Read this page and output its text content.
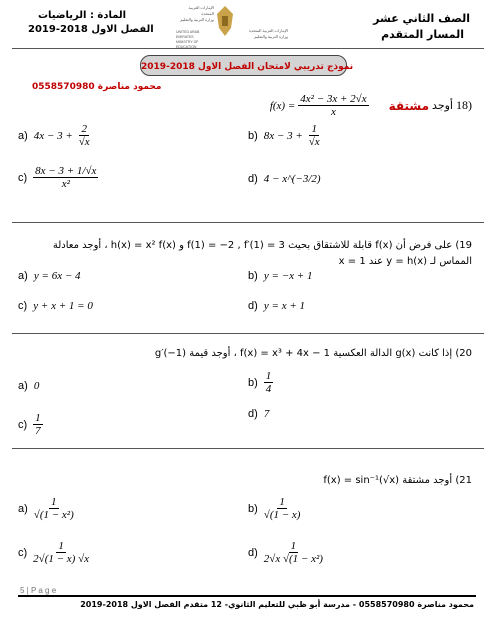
المادة : الرياضيات
الفصل الاول 2018-2019
الإمارات العربية المتحدة
وزارة التربية والتعليم
UNITED ARAB EMIRATES
MINISTRY OF EDUCATION
الإمارات العربية المتحدة
وزارة التربية والتعليم
الصف الثاني عشر
المسار المتقدم
نموذج تدريبي لامتحان الفصل الاول 2018-2019
محمود مناصرة 0558570980
$f(x) = \frac{\text{4x² − 3x + 2√x}}{x}$ مشتقة أوجد 18)
a) $4x - 3 + \frac{2}{√x}$	b) $8x - 3 + \frac{1}{√x}$
$c) \frac{8x - 3 + 1/√x}{\text{x²}}$	d) 4 − x^(−3/2)
19) على فرض أن f(x) قابلة للاشتقاق بحيث f(1) = −2 , f′(1) = 3 و h(x) = x² f(x) ، أوجد معادلة
المماس لـ y = h(x) عند x = 1
a) y = 6x − 4	b) y = −x + 1
c) y + x + 1 = 0	d) y = x + 1
20) إذا كانت g(x) الدالة العكسية f(x) = x³ + 4x − 1 ، أوجد قيمة g′(−1)
a) 0	$b) \frac{1}{4}$
$c) \frac{1}{7}$	d) 7
21) أوجد مشتقة f(x) = sin⁻¹(√x)
$a) \frac{1}{\text{√(1 − x²)}}$	$b) \frac{1}{√(1 - x)}$
$c) \frac{1}{2√(1 - x) √x}$	$d) \frac{1}{\text{2√x √(1 − x²)}}$
5 | P a g e
محمود مناصرة 0558570980 - مدرسة أبو ظبي للتعليم الثانوي- 12 متقدم الفصل الاول 2018-2019
